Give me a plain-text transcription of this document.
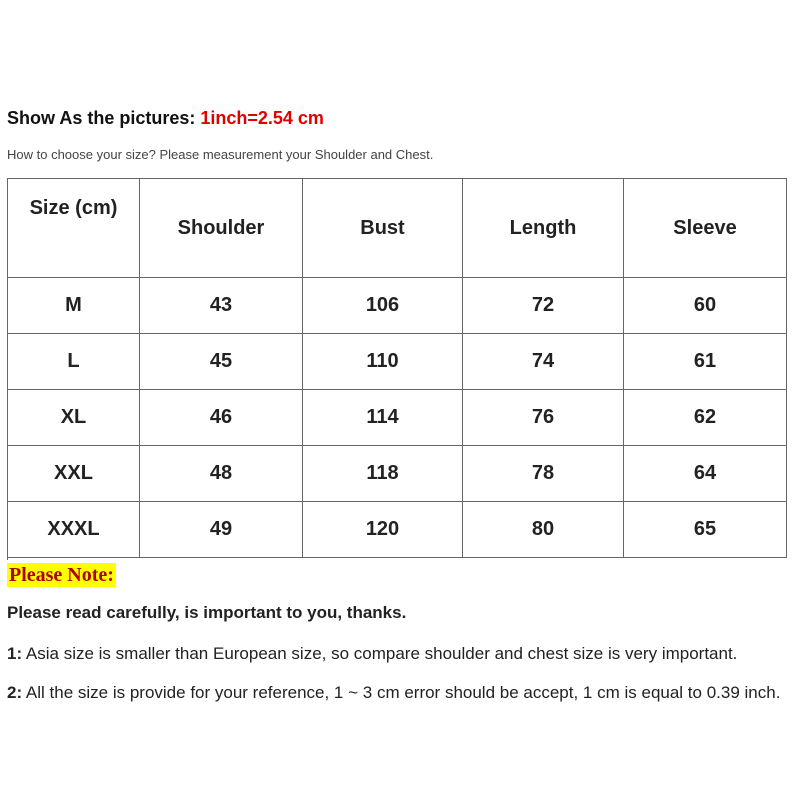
Show As the pictures: 1inch=2.54 cm
How to choose your size? Please measurement your Shoulder and Chest.
Size (cm)	Shoulder	Bust	Length	Sleeve
M	43	106	72	60
L	45	110	74	61
XL	46	114	76	62
XXL	48	118	78	64
XXXL	49	120	80	65
Please Note:
Please read carefully, is important to you, thanks.
1: Asia size is smaller than European size, so compare shoulder and chest size is very important.
2: All the size is provide for your reference, 1 ~ 3 cm error should be accept, 1 cm is equal to 0.39 inch.
